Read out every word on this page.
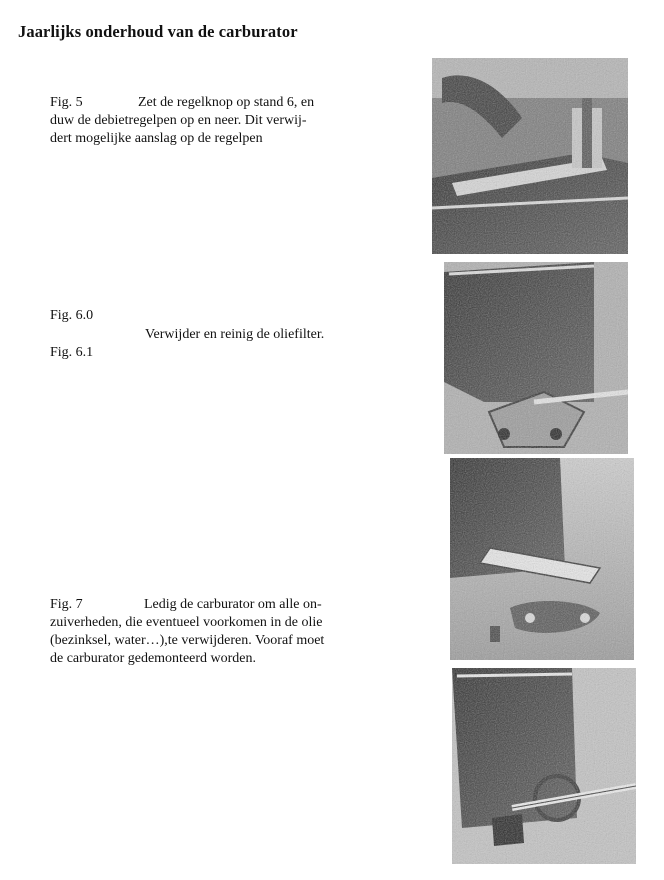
Jaarlijks onderhoud van de carburator
Fig. 5	Zet de regelknop op stand 6, en
duw de debietregelpen op en neer. Dit verwij-
dert mogelijke aanslag op de regelpen
Fig. 6.0
Verwijder en reinig de oliefilter.
Fig. 6.1
Fig. 7	Ledig de carburator om alle on-
zuiverheden, die eventueel voorkomen in de olie
(bezinksel, water…),te verwijderen. Vooraf moet
de carburator gedemonteerd worden.
